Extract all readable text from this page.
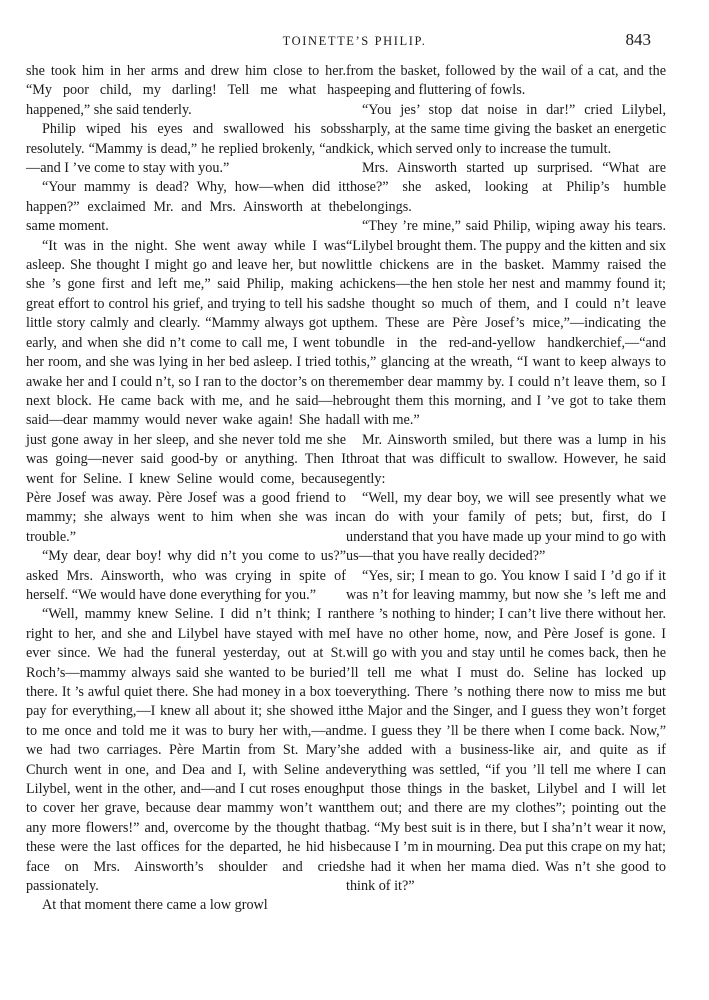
TOINETTE’S PHILIP.	843

she took him in her arms and drew him close to her. “My poor child, my darling! Tell me what has happened,” she said tenderly.

Philip wiped his eyes and swallowed his sobs resolutely. “Mammy is dead,” he replied brokenly, “and—and I ’ve come to stay with you.”

“Your mammy is dead? Why, how—when did it happen?” exclaimed Mr. and Mrs. Ainsworth at the same moment.

“It was in the night. She went away while I was asleep. She thought I might go and leave her, but now she ’s gone first and left me,” said Philip, making a great effort to control his grief, and trying to tell his sad little story calmly and clearly. “Mammy always got up early, and when she did n’t come to call me, I went to her room, and she was lying in her bed asleep. I tried to awake her and I could n’t, so I ran to the doctor’s on the next block. He came back with me, and he said—he said—dear mammy would never wake again! She had just gone away in her sleep, and she never told me she was going—never said good-by or anything. Then I went for Seline. I knew Seline would come, because Père Josef was away. Père Josef was a good friend to mammy; she always went to him when she was in trouble.”

“My dear, dear boy! why did n’t you come to us?” asked Mrs. Ainsworth, who was crying in spite of herself. “We would have done everything for you.”

“Well, mammy knew Seline. I did n’t think; I ran right to her, and she and Lilybel have stayed with me ever since. We had the funeral yesterday, out at St. Roch’s—mammy always said she wanted to be buried there. It ’s awful quiet there. She had money in a box to pay for everything,—I knew all about it; she showed it to me once and told me it was to bury her with,—and we had two carriages. Père Martin from St. Mary’s Church went in one, and Dea and I, with Seline and Lilybel, went in the other, and—and I cut roses enough to cover her grave, because dear mammy won’t want any more flowers!” and, overcome by the thought that these were the last offices for the departed, he hid his face on Mrs. Ainsworth’s shoulder and cried passionately.

At that moment there came a low growl

from the basket, followed by the wail of a cat, and the peeping and fluttering of fowls.

“You jes’ stop dat noise in dar!” cried Lilybel, sharply, at the same time giving the basket an energetic kick, which served only to increase the tumult.

Mrs. Ainsworth started up surprised. “What are those?” she asked, looking at Philip’s humble belongings.

“They ’re mine,” said Philip, wiping away his tears. “Lilybel brought them. The puppy and the kitten and six little chickens are in the basket. Mammy raised the chickens—the hen stole her nest and mammy found it; she thought so much of them, and I could n’t leave them. These are Père Josef’s mice,”—indicating the bundle in the red-and-yellow handkerchief,—“and this,” glancing at the wreath, “I want to keep always to remember dear mammy by. I could n’t leave them, so I brought them this morning, and I ’ve got to take them all with me.”

Mr. Ainsworth smiled, but there was a lump in his throat that was difficult to swallow. However, he said gently:

“Well, my dear boy, we will see presently what we can do with your family of pets; but, first, do I understand that you have made up your mind to go with us—that you have really decided?”

“Yes, sir; I mean to go. You know I said I ’d go if it was n’t for leaving mammy, but now she ’s left me and there ’s nothing to hinder; I can’t live there without her. I have no other home, now, and Père Josef is gone. I will go with you and stay until he comes back, then he ’ll tell me what I must do. Seline has locked up everything. There ’s nothing there now to miss me but the Major and the Singer, and I guess they won’t forget me. I guess they ’ll be there when I come back. Now,” he added with a business-like air, and quite as if everything was settled, “if you ’ll tell me where I can put those things in the basket, Lilybel and I will let them out; and there are my clothes”; pointing out the bag. “My best suit is in there, but I sha’n’t wear it now, because I ’m in mourning. Dea put this crape on my hat; she had it when her mama died. Was n’t she good to think of it?”
